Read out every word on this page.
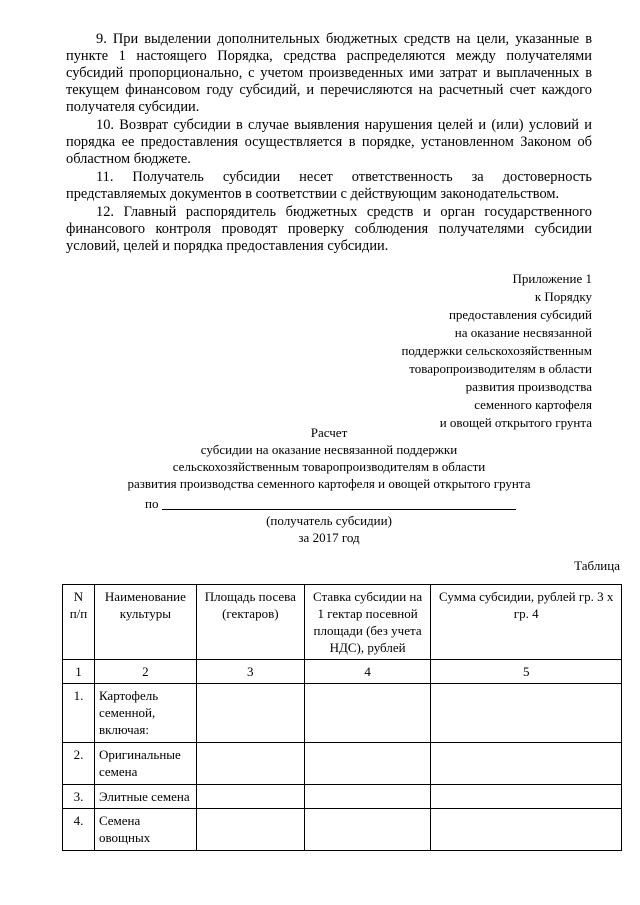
9. При выделении дополнительных бюджетных средств на цели, указанные в пункте 1 настоящего Порядка, средства распределяются между получателями субсидий пропорционально, с учетом произведенных ими затрат и выплаченных в текущем финансовом году субсидий, и перечисляются на расчетный счет каждого получателя субсидии.
10. Возврат субсидии в случае выявления нарушения целей и (или) условий и порядка ее предоставления осуществляется в порядке, установленном Законом об областном бюджете.
11. Получатель субсидии несет ответственность за достоверность представляемых документов в соответствии с действующим законодательством.
12. Главный распорядитель бюджетных средств и орган государственного финансового контроля проводят проверку соблюдения получателями субсидии условий, целей и порядка предоставления субсидии.
Приложение 1
к Порядку
предоставления субсидий
на оказание несвязанной
поддержки сельскохозяйственным
товаропроизводителям в области
развития производства
семенного картофеля
и овощей открытого грунта
Расчет
субсидии на оказание несвязанной поддержки
сельскохозяйственным товаропроизводителям в области
развития производства семенного картофеля и овощей открытого грунта
по
(получатель субсидии)
за 2017 год
Таблица
N п/п	Наименование культуры	Площадь посева (гектаров)	Ставка субсидии на 1 гектар посевной площади (без учета НДС), рублей	Сумма субсидии, рублей гр. 3 х гр. 4
1	2	3	4	5
1.	Картофель семенной, включая:			
2.	Оригинальные семена			
3.	Элитные семена			
4.	Семена овощных			
